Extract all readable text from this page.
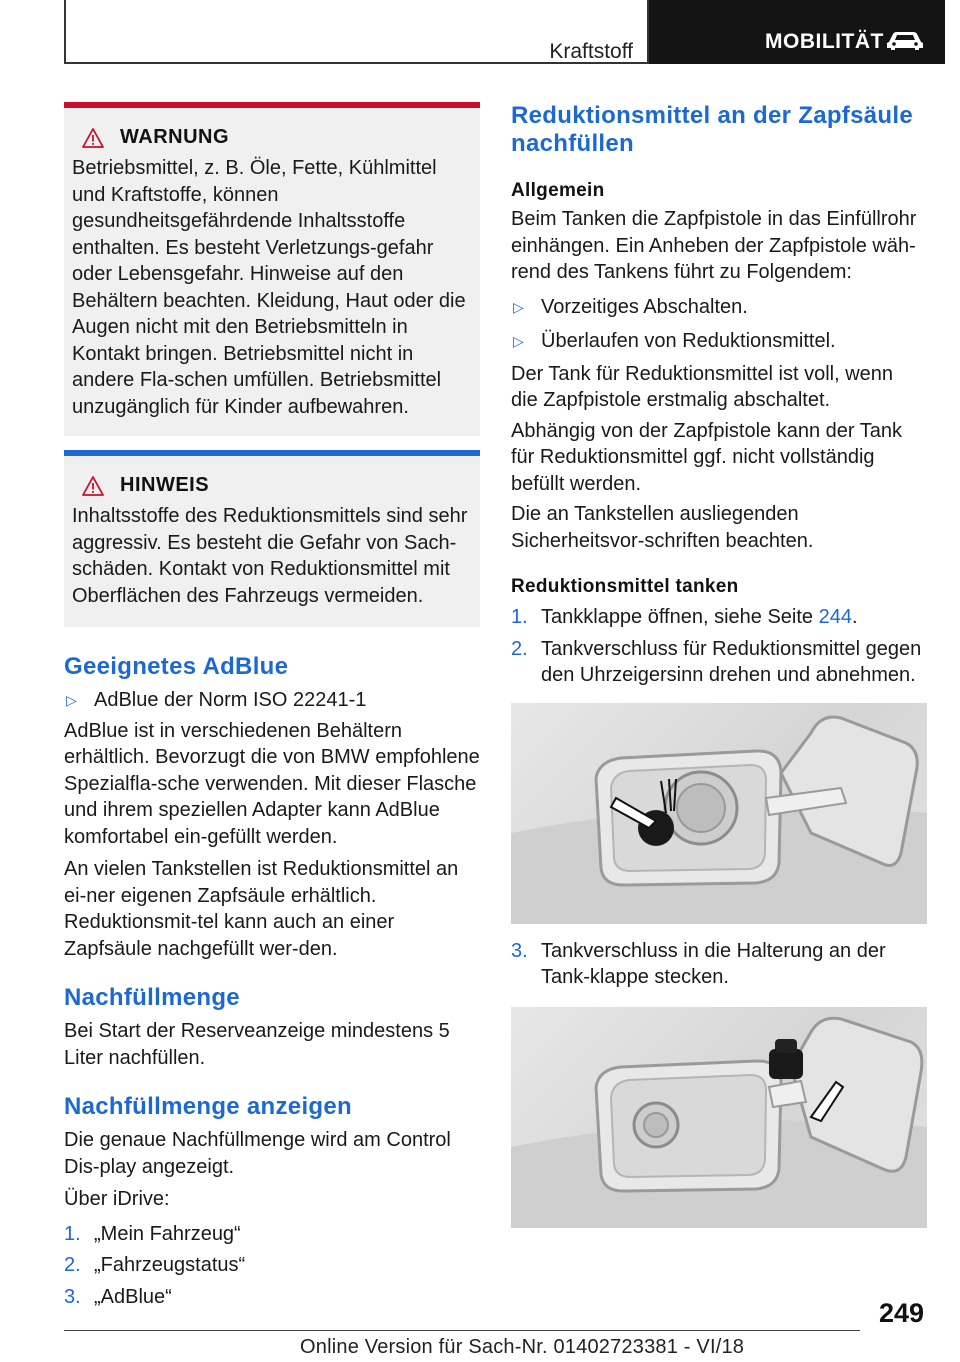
Kraftstoff	MOBILITÄT
WARNUNG
Betriebsmittel, z. B. Öle, Fette, Kühlmittel und Kraftstoffe, können gesundheitsgefährdende Inhaltsstoffe enthalten. Es besteht Verletzungs‐gefahr oder Lebensgefahr. Hinweise auf den Behältern beachten. Kleidung, Haut oder die Augen nicht mit den Betriebsmitteln in Kontakt bringen. Betriebsmittel nicht in andere Fla‐schen umfüllen. Betriebsmittel unzugänglich für Kinder aufbewahren.
HINWEIS
Inhaltsstoffe des Reduktionsmittels sind sehr aggressiv. Es besteht die Gefahr von Sach‐schäden. Kontakt von Reduktionsmittel mit Oberflächen des Fahrzeugs vermeiden.
Geeignetes AdBlue
▷ AdBlue der Norm ISO 22241‐1
AdBlue ist in verschiedenen Behältern erhältlich. Bevorzugt die von BMW empfohlene Spezialfla‐sche verwenden. Mit dieser Flasche und ihrem speziellen Adapter kann AdBlue komfortabel ein‐gefüllt werden.
An vielen Tankstellen ist Reduktionsmittel an ei‐ner eigenen Zapfsäule erhältlich. Reduktionsmit‐tel kann auch an einer Zapfsäule nachgefüllt wer‐den.
Nachfüllmenge
Bei Start der Reserveanzeige mindestens 5 Liter nachfüllen.
Nachfüllmenge anzeigen
Die genaue Nachfüllmenge wird am Control Dis‐play angezeigt.
Über iDrive:
1. „Mein Fahrzeug“
2. „Fahrzeugstatus“
3. „AdBlue“
Reduktionsmittel an der Zapfsäule nachfüllen
Allgemein
Beim Tanken die Zapfpistole in das Einfüllrohr einhängen. Ein Anheben der Zapfpistole wäh‐rend des Tankens führt zu Folgendem:
▷ Vorzeitiges Abschalten.
▷ Überlaufen von Reduktionsmittel.
Der Tank für Reduktionsmittel ist voll, wenn die Zapfpistole erstmalig abschaltet.
Abhängig von der Zapfpistole kann der Tank für Reduktionsmittel ggf. nicht vollständig befüllt werden.
Die an Tankstellen ausliegenden Sicherheitsvor‐schriften beachten.
Reduktionsmittel tanken
1. Tankklappe öffnen, siehe Seite 244.
2. Tankverschluss für Reduktionsmittel gegen den Uhrzeigersinn drehen und abnehmen.
3. Tankverschluss in die Halterung an der Tank‐klappe stecken.
249
Online Version für Sach-Nr. 01402723381 - VI/18
